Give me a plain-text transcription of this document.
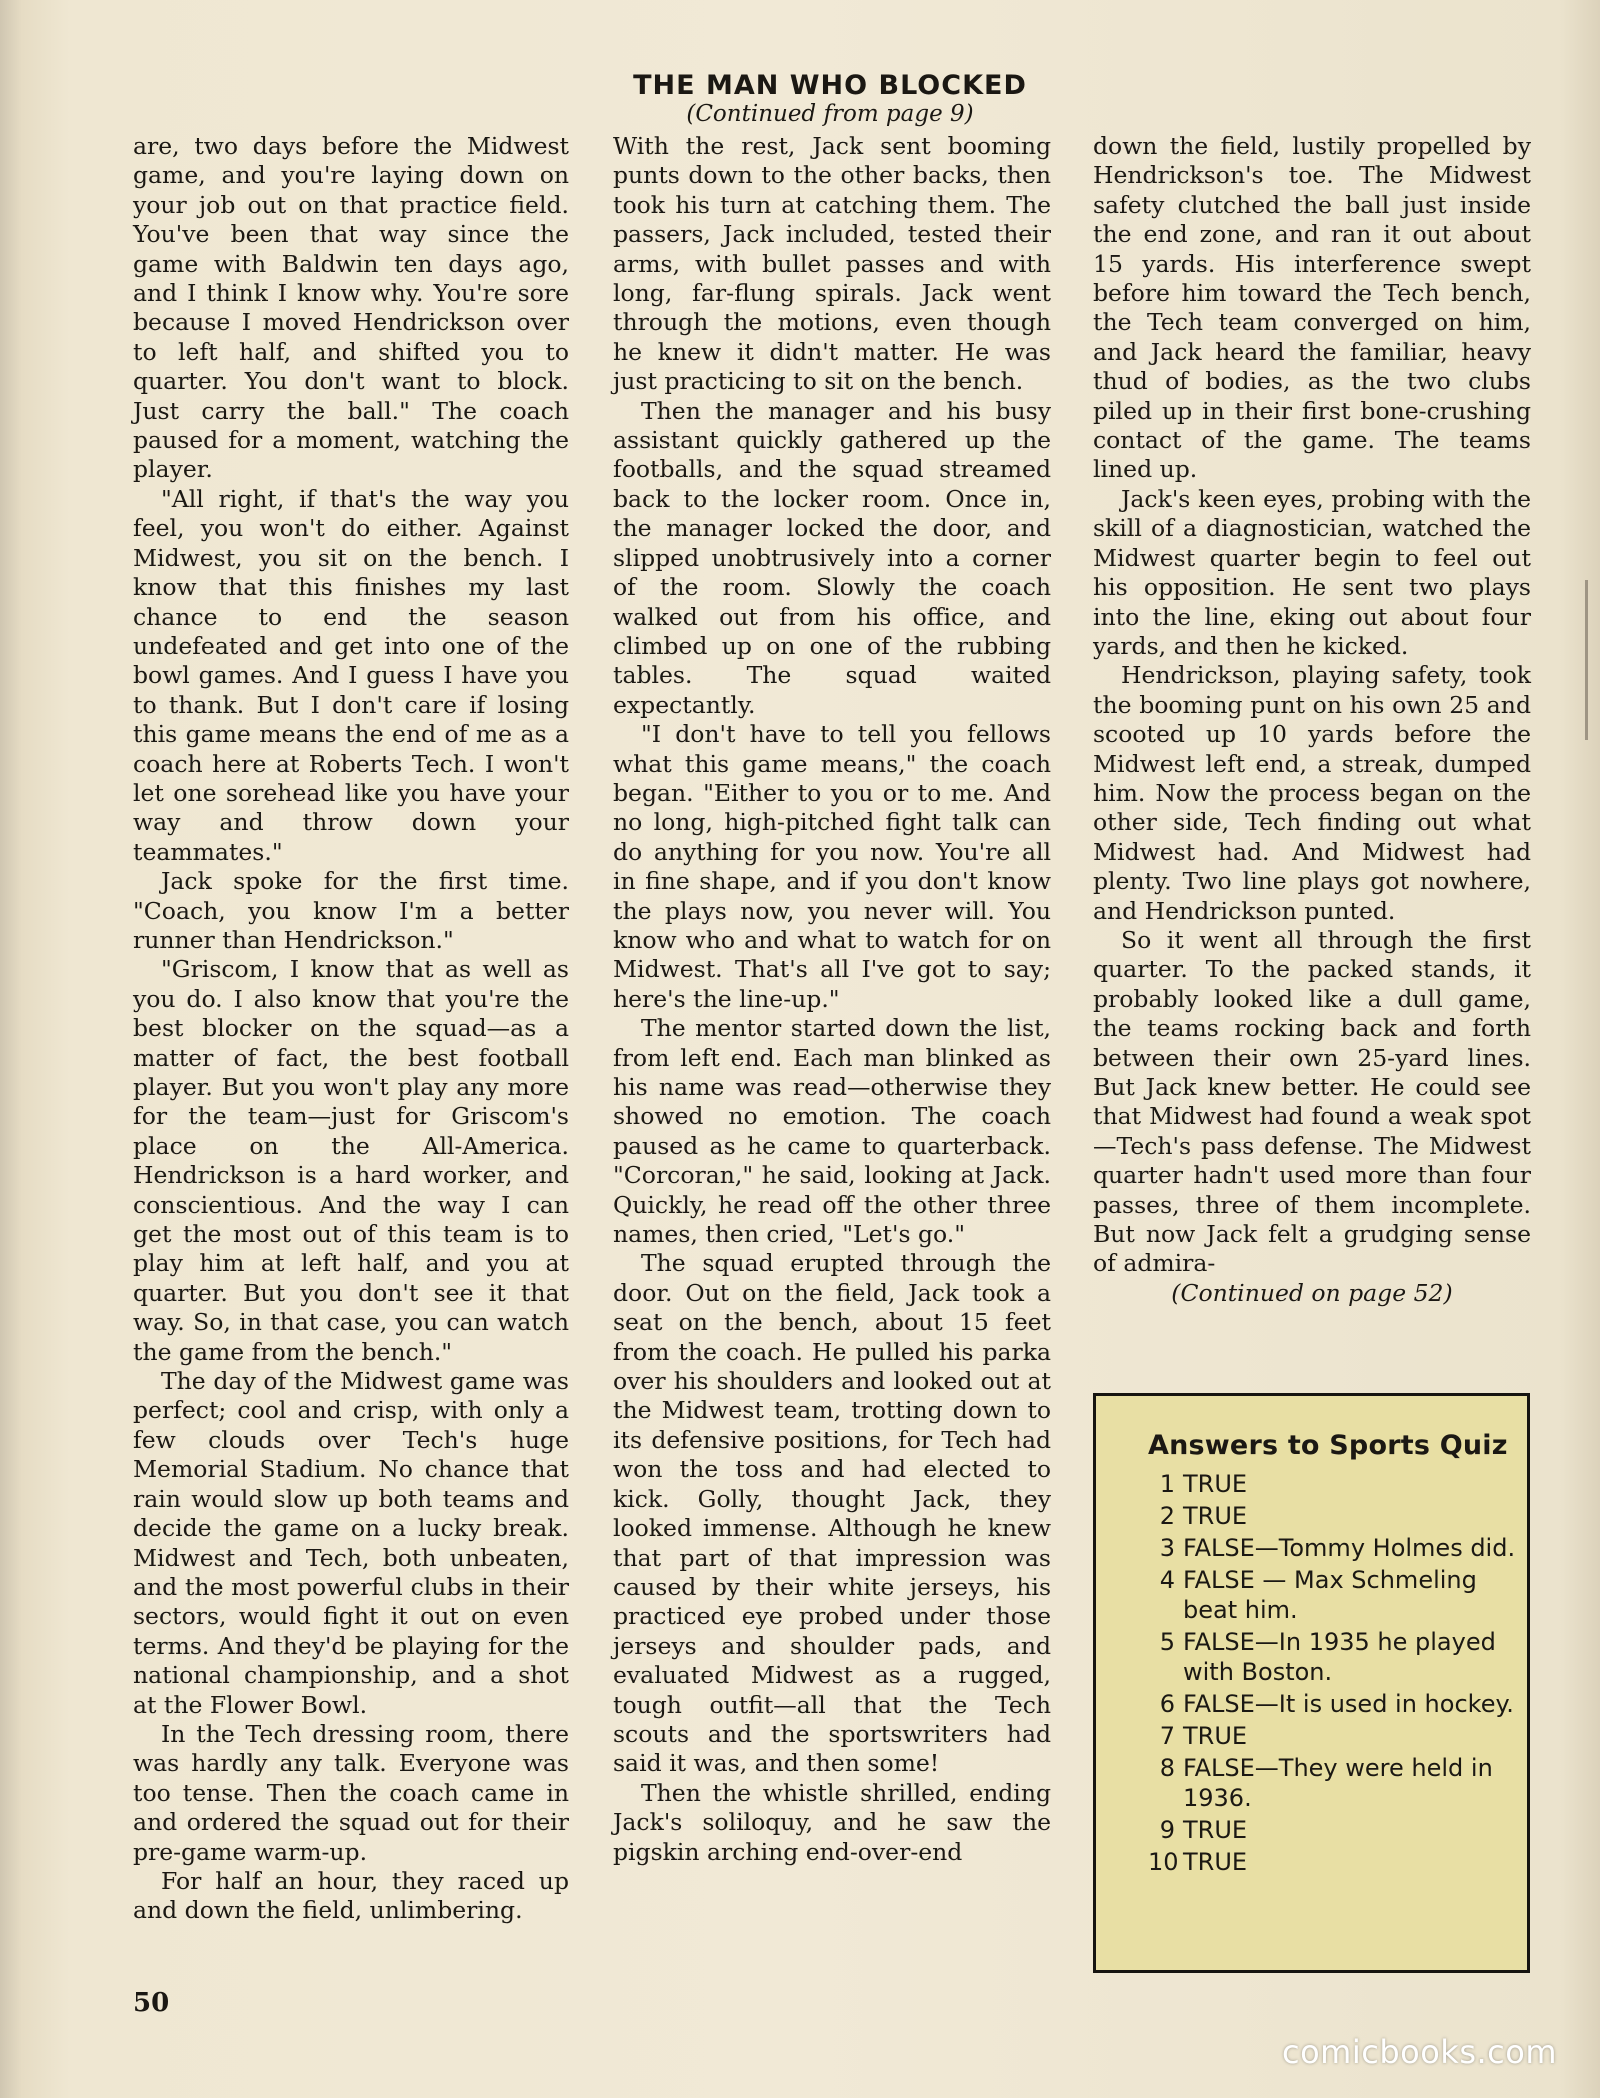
THE MAN WHO BLOCKED
(Continued from page 9)

are, two days before the Midwest game, and you're laying down on your job out on that practice field. You've been that way since the game with Baldwin ten days ago, and I think I know why. You're sore because I moved Hendrickson over to left half, and shifted you to quarter. You don't want to block. Just carry the ball." The coach paused for a moment, watching the player.

"All right, if that's the way you feel, you won't do either. Against Midwest, you sit on the bench. I know that this finishes my last chance to end the season undefeated and get into one of the bowl games. And I guess I have you to thank. But I don't care if losing this game means the end of me as a coach here at Roberts Tech. I won't let one sorehead like you have your way and throw down your teammates."

Jack spoke for the first time. "Coach, you know I'm a better runner than Hendrickson."

"Griscom, I know that as well as you do. I also know that you're the best blocker on the squad—as a matter of fact, the best football player. But you won't play any more for the team—just for Griscom's place on the All-America. Hendrickson is a hard worker, and conscientious. And the way I can get the most out of this team is to play him at left half, and you at quarter. But you don't see it that way. So, in that case, you can watch the game from the bench."

The day of the Midwest game was perfect; cool and crisp, with only a few clouds over Tech's huge Memorial Stadium. No chance that rain would slow up both teams and decide the game on a lucky break. Midwest and Tech, both unbeaten, and the most powerful clubs in their sectors, would fight it out on even terms. And they'd be playing for the national championship, and a shot at the Flower Bowl.

In the Tech dressing room, there was hardly any talk. Everyone was too tense. Then the coach came in and ordered the squad out for their pre-game warm-up.

For half an hour, they raced up and down the field, unlimbering.

With the rest, Jack sent booming punts down to the other backs, then took his turn at catching them. The passers, Jack included, tested their arms, with bullet passes and with long, far-flung spirals. Jack went through the motions, even though he knew it didn't matter. He was just practicing to sit on the bench.

Then the manager and his busy assistant quickly gathered up the footballs, and the squad streamed back to the locker room. Once in, the manager locked the door, and slipped unobtrusively into a corner of the room. Slowly the coach walked out from his office, and climbed up on one of the rubbing tables. The squad waited expectantly.

"I don't have to tell you fellows what this game means," the coach began. "Either to you or to me. And no long, high-pitched fight talk can do anything for you now. You're all in fine shape, and if you don't know the plays now, you never will. You know who and what to watch for on Midwest. That's all I've got to say; here's the line-up."

The mentor started down the list, from left end. Each man blinked as his name was read—otherwise they showed no emotion. The coach paused as he came to quarterback. "Corcoran," he said, looking at Jack. Quickly, he read off the other three names, then cried, "Let's go."

The squad erupted through the door. Out on the field, Jack took a seat on the bench, about 15 feet from the coach. He pulled his parka over his shoulders and looked out at the Midwest team, trotting down to its defensive positions, for Tech had won the toss and had elected to kick. Golly, thought Jack, they looked immense. Although he knew that part of that impression was caused by their white jerseys, his practiced eye probed under those jerseys and shoulder pads, and evaluated Midwest as a rugged, tough outfit—all that the Tech scouts and the sportswriters had said it was, and then some!

Then the whistle shrilled, ending Jack's soliloquy, and he saw the pigskin arching end-over-end

down the field, lustily propelled by Hendrickson's toe. The Midwest safety clutched the ball just inside the end zone, and ran it out about 15 yards. His interference swept before him toward the Tech bench, the Tech team converged on him, and Jack heard the familiar, heavy thud of bodies, as the two clubs piled up in their first bone-crushing contact of the game. The teams lined up.

Jack's keen eyes, probing with the skill of a diagnostician, watched the Midwest quarter begin to feel out his opposition. He sent two plays into the line, eking out about four yards, and then he kicked.

Hendrickson, playing safety, took the booming punt on his own 25 and scooted up 10 yards before the Midwest left end, a streak, dumped him. Now the process began on the other side, Tech finding out what Midwest had. And Midwest had plenty. Two line plays got nowhere, and Hendrickson punted.

So it went all through the first quarter. To the packed stands, it probably looked like a dull game, the teams rocking back and forth between their own 25-yard lines. But Jack knew better. He could see that Midwest had found a weak spot—Tech's pass defense. The Midwest quarter hadn't used more than four passes, three of them incomplete. But now Jack felt a grudging sense of admira-

(Continued on page 52)

Answers to Sports Quiz
1 TRUE
2 TRUE
3 FALSE—Tommy Holmes did.
4 FALSE — Max Schmeling beat him.
5 FALSE—In 1935 he played with Boston.
6 FALSE—It is used in hockey.
7 TRUE
8 FALSE—They were held in 1936.
9 TRUE
10 TRUE
50
comicbooks.com
